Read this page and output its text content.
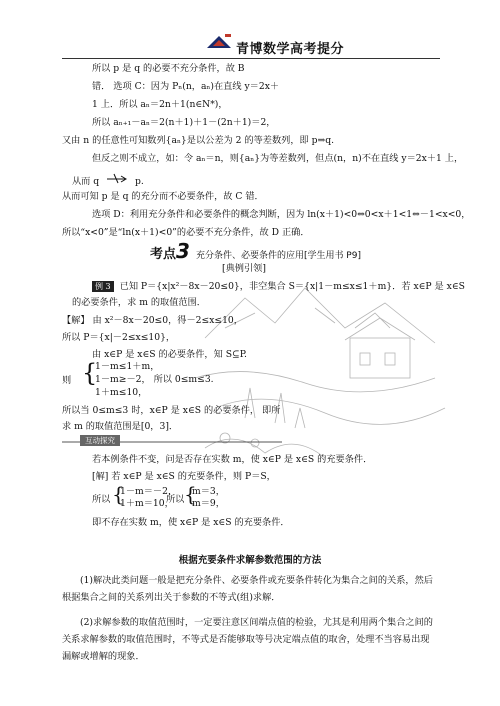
青博数学高考提分
所以 p 是 q 的必要不充分条件，故 B
错． 选项 C：因为 Pₙ(n，aₙ)在直线 y＝2x＋
1 上．所以 aₙ＝2n＋1(n∈N*)，
所以 aₙ₊₁－aₙ＝2(n＋1)＋1－(2n＋1)＝2，
又由 n 的任意性可知数列{aₙ}是以公差为 2 的等差数列，即 p⇒q.
但反之则不成立，如：令 aₙ＝n，则{aₙ}为等差数列，但点(n，n)不在直线 y＝2x＋1 上，
从而 q	p.
从而可知 p 是 q 的充分而不必要条件，故 C 错．
选项 D：利用充分条件和必要条件的概念判断，因为 ln(x＋1)<0⇔0<x＋1<1⇔－1<x<0，
所以“x<0”是“ln(x＋1)<0”的必要不充分条件，故 D 正确．
考点3 充分条件、必要条件的应用[学生用书 P9]
[典例引领]
例 3 已知 P＝{x|x²－8x－20≤0}，非空集合 S＝{x|1－m≤x≤1＋m}．若 x∈P 是 x∈S
的必要条件，求 m 的取值范围．
【解】 由 x²－8x－20≤0，得－2≤x≤10，
所以 P＝{x|－2≤x≤10}，
由 x∈P 是 x∈S 的必要条件，知 S⊆P.
则 {
1－m≤1＋m，
1－m≥－2， 所以 0≤m≤3.
1＋m≤10，
所以当 0≤m≤3 时，x∈P 是 x∈S 的必要条件， 即所
求 m 的取值范围是[0，3]．
互动探究
若本例条件不变，问是否存在实数 m，使 x∈P 是 x∈S 的充要条件．
[解] 若 x∈P 是 x∈S 的充要条件，则 P＝S，
所以 {
1－m＝－2，
1＋m＝10，
所以 {
m＝3，
m＝9，
即不存在实数 m，使 x∈P 是 x∈S 的充要条件．
根据充要条件求解参数范围的方法
(1)解决此类问题一般是把充分条件、必要条件或充要条件转化为集合之间的关系，然后根据集合之间的关系列出关于参数的不等式(组)求解．
(2)求解参数的取值范围时，一定要注意区间端点值的检验，尤其是利用两个集合之间的关系求解参数的取值范围时，不等式是否能够取等号决定端点值的取舍，处理不当容易出现漏解或增解的现象．
